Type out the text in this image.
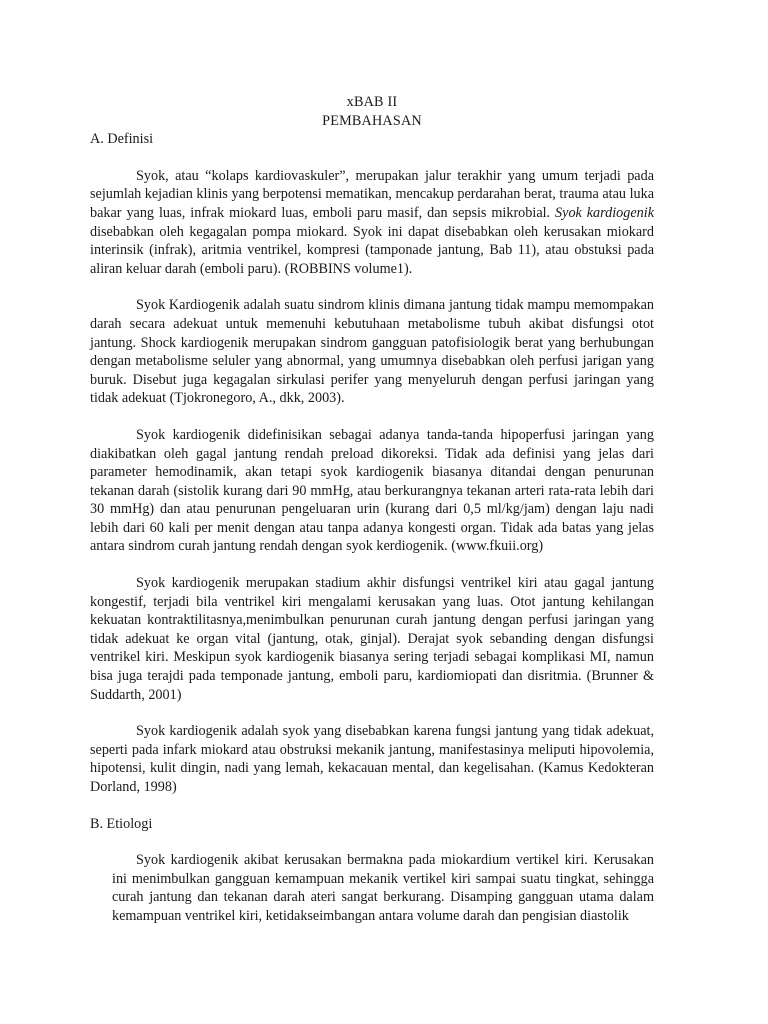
xBAB II

PEMBAHASAN

A. Definisi

Syok, atau “kolaps kardiovaskuler”, merupakan jalur terakhir yang umum terjadi pada sejumlah kejadian klinis yang berpotensi mematikan, mencakup perdarahan berat, trauma atau luka bakar yang luas, infrak miokard luas, emboli paru masif, dan sepsis mikrobial. Syok kardiogenik disebabkan oleh kegagalan pompa miokard. Syok ini dapat disebabkan oleh kerusakan miokard interinsik (infrak), aritmia ventrikel, kompresi (tamponade jantung, Bab 11), atau obstuksi pada aliran keluar darah (emboli paru). (ROBBINS volume1).

Syok Kardiogenik adalah suatu sindrom klinis dimana jantung tidak mampu memompakan darah secara adekuat untuk memenuhi kebutuhaan metabolisme tubuh akibat disfungsi otot jantung. Shock kardiogenik merupakan sindrom gangguan patofisiologik berat yang berhubungan dengan metabolisme seluler yang abnormal, yang umumnya disebabkan oleh perfusi jarigan yang buruk. Disebut juga kegagalan sirkulasi perifer yang menyeluruh dengan perfusi jaringan yang tidak adekuat (Tjokronegoro, A., dkk, 2003).

Syok kardiogenik didefinisikan sebagai adanya tanda-tanda hipoperfusi jaringan yang diakibatkan oleh gagal jantung rendah preload dikoreksi. Tidak ada definisi yang jelas dari parameter hemodinamik, akan tetapi syok kardiogenik biasanya ditandai dengan penurunan tekanan darah (sistolik kurang dari 90 mmHg, atau berkurangnya tekanan arteri rata-rata lebih dari 30 mmHg) dan atau penurunan pengeluaran urin (kurang dari 0,5 ml/kg/jam) dengan laju nadi lebih dari 60 kali per menit dengan atau tanpa adanya kongesti organ. Tidak ada batas yang jelas antara sindrom curah jantung rendah dengan syok kerdiogenik. (www.fkuii.org)

Syok kardiogenik merupakan stadium akhir disfungsi ventrikel kiri atau gagal jantung kongestif, terjadi bila ventrikel kiri mengalami kerusakan yang luas. Otot jantung kehilangan kekuatan kontraktilitasnya,menimbulkan penurunan curah jantung dengan perfusi jaringan yang tidak adekuat ke organ vital (jantung, otak, ginjal). Derajat syok sebanding dengan disfungsi ventrikel kiri. Meskipun syok kardiogenik biasanya sering terjadi sebagai komplikasi MI, namun bisa juga terajdi pada temponade jantung, emboli paru, kardiomiopati dan disritmia. (Brunner & Suddarth, 2001)

Syok kardiogenik adalah syok yang disebabkan karena fungsi jantung yang tidak adekuat, seperti pada infark miokard atau obstruksi mekanik jantung, manifestasinya meliputi hipovolemia, hipotensi, kulit dingin, nadi yang lemah, kekacauan mental, dan kegelisahan. (Kamus Kedokteran Dorland, 1998)

B. Etiologi

Syok kardiogenik akibat kerusakan bermakna pada miokardium vertikel kiri. Kerusakan ini menimbulkan gangguan kemampuan mekanik vertikel kiri sampai suatu tingkat, sehingga curah jantung dan tekanan darah ateri sangat berkurang. Disamping gangguan utama dalam kemampuan ventrikel kiri, ketidakseimbangan antara volume darah dan pengisian diastolik
